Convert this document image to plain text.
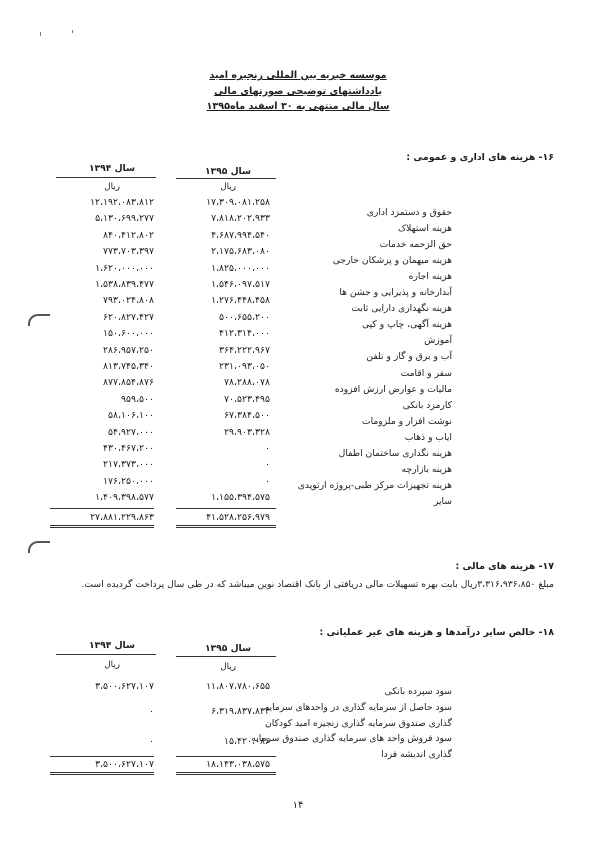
موسسه خیریه بین المللی زنجیره امید
یادداشتهای توضیحی صورتهای مالی
سال مالی منتهی به ۳۰ اسفند ماه۱۳۹۵
۱۶- هزینه های اداری و عمومی :
سال ۱۳۹۵
سال ۱۳۹۴
ریال
ریال
حقوق و دستمزد اداری
۱۷،۳۰۹،۰۸۱،۲۵۸
۱۲،۱۹۲،۰۸۳،۸۱۲
هزینه استهلاک
۷،۸۱۸،۲۰۲،۹۳۳
۵،۱۳۰،۶۹۹،۲۷۷
حق الزحمه خدمات
۴،۶۸۷،۹۹۴،۵۴۰
۸۴۰،۴۱۲،۸۰۲
هزینه میهمان و پزشکان خارجی
۲،۱۷۵،۶۸۳،۰۸۰
۷۷۳،۷۰۳،۳۹۷
هزینه اجاره
۱،۸۲۵،۰۰۰،۰۰۰
۱،۶۲۰،۰۰۰،۰۰۰
آبدارخانه و پذیرایی و جشن ها
۱،۵۴۶،۰۹۷،۵۱۷
۱،۵۳۸،۸۳۹،۴۷۷
هزینه نگهداری دارایی ثابت
۱،۲۷۶،۴۴۸،۴۵۸
۷۹۳،۰۲۴،۸۰۸
هزینه آگهی، چاپ و کپی
۵۰۰،۶۵۵،۲۰۰
۶۲۰،۸۲۷،۴۲۷
آموزش
۴۱۲،۳۱۴،۰۰۰
۱۵۰،۶۰۰،۰۰۰
آب و برق و گاز و تلفن
۳۶۴،۲۲۲،۹۶۷
۲۸۶،۹۵۷،۲۵۰
سفر و اقامت
۲۳۱،۰۹۳،۰۵۰
۸۱۳،۷۴۵،۳۴۰
مالیات و عوارض ارزش افزوده
۷۸،۲۸۸،۰۷۸
۸۷۷،۸۵۴،۸۷۶
کارمزد بانکی
۷۰،۵۲۳،۴۹۵
۹۵۹،۵۰۰
نوشت افزار و ملزومات
۶۷،۳۸۴،۵۰۰
۵۸،۱۰۶،۱۰۰
ایاب و ذهاب
۲۹،۹۰۳،۳۲۸
۵۴،۹۲۷،۰۰۰
هزینه نگداری ساختمان اطفال
۰
۴۳۰،۴۶۷،۲۰۰
هزینه بازارچه
۰
۲۱۷،۳۷۳،۰۰۰
هزینه تجهیزات مرکز طبی-پروژه ارتوپدی
۰
۱۷۶،۲۵۰،۰۰۰
سایر
۱،۱۵۵،۳۹۴،۵۷۵
۱،۴۰۹،۳۹۸،۵۷۷
۴۱،۵۲۸،۲۵۶،۹۷۹
۲۷،۸۸۱،۲۲۹،۸۶۳
۱۷- هزینه های مالی :
مبلغ ۳،۳۱۶،۹۳۶،۸۵۰ریال بابت بهره تسهیلات مالی دریافتی از بانک اقتصاد نوین میباشد که در طی سال پرداخت گردیده است.
۱۸- خالص سایر درآمدها و هزینه های غیر عملیاتی :
سال ۱۳۹۵
سال ۱۳۹۴
ریال
ریال
سود سپرده بانکی
۱۱،۸۰۷،۷۸۰،۶۵۵
۳،۵۰۰،۶۲۷،۱۰۷
سود حاصل از سرمایه گذاری در واحدهای سرمایه
گذاری صندوق سرمایه گذاری زنجیره امید کودکان
۶،۳۱۹،۸۳۷،۸۳۴
۰
سود فروش واحد های سرمایه گذاری صندوق سرمایه
گذاری اندیشه فردا
۱۵،۴۲۰،۰۸۶
۰
۱۸،۱۴۳،۰۳۸،۵۷۵
۳،۵۰۰،۶۲۷،۱۰۷
۱۴
